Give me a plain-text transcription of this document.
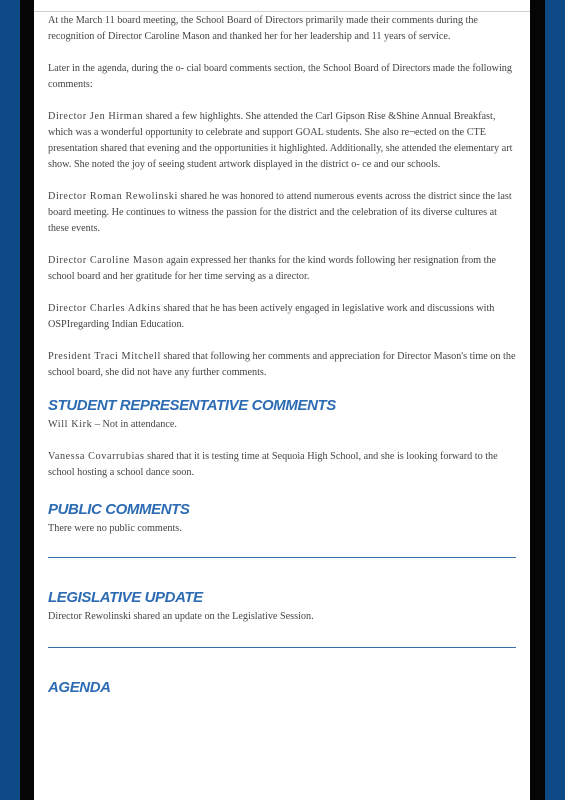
At the March 11 board meeting, the School Board of Directors primarily made their comments during the recognition of Director Caroline Mason and thanked her for her leadership and 11 years of service.

Later in the agenda, during the o- cial board comments section, the School Board of Directors made the following comments:

Director Jen Hirman shared a few highlights. She attended the Carl Gipson Rise &Shine Annual Breakfast, which was a wonderful opportunity to celebrate and support GOAL students. She also re¬ected on the CTE presentation shared that evening and the opportunities it highlighted. Additionally, she attended the elementary art show. She noted the joy of seeing student artwork displayed in the district o- ce and our schools.

Director Roman Rewolinski shared he was honored to attend numerous events across the district since the last board meeting. He continues to witness the passion for the district and the celebration of its diverse cultures at these events.

Director Caroline Mason again expressed her thanks for the kind words following her resignation from the school board and her gratitude for her time serving as a director.

Director Charles Adkins shared that he has been actively engaged in legislative work and discussions with OSPIregarding Indian Education.

President Traci Mitchell shared that following her comments and appreciation for Director Mason's time on the school board, she did not have any further comments.

STUDENT REPRESENTATIVE COMMENTS

Will Kirk – Not in attendance.

Vanessa Covarrubias shared that it is testing time at Sequoia High School, and she is looking forward to the school hosting a school dance soon.

PUBLIC COMMENTS

There were no public comments.

LEGISLATIVE UPDATE

Director Rewolinski shared an update on the Legislative Session.

AGENDA
